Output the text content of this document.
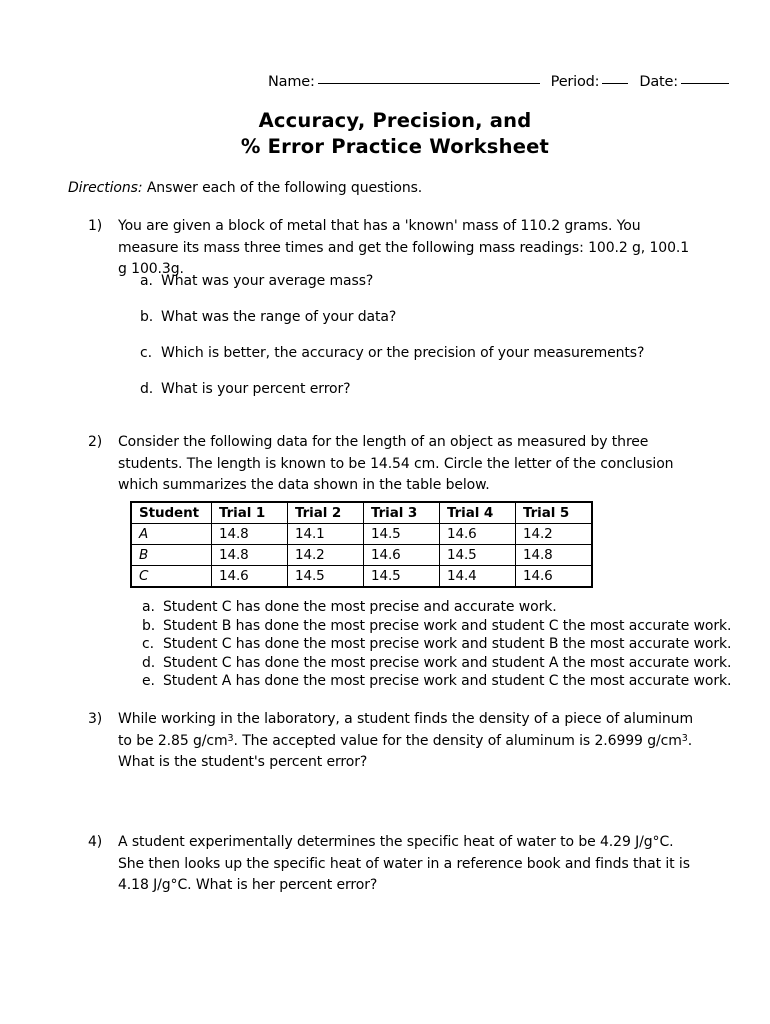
Name:	Period:	Date:
Accuracy, Precision, and
% Error Practice Worksheet
Directions: Answer each of the following questions.
1)	You are given a block of metal that has a 'known' mass of 110.2 grams. You measure its mass three times and get the following mass readings: 100.2 g, 100.1 g 100.3g.
a. What was your average mass?
b. What was the range of your data?
c. Which is better, the accuracy or the precision of your measurements?
d. What is your percent error?
2)	Consider the following data for the length of an object as measured by three students. The length is known to be 14.54 cm. Circle the letter of the conclusion which summarizes the data shown in the table below.
Student	Trial 1	Trial 2	Trial 3	Trial 4	Trial 5
A	14.8	14.1	14.5	14.6	14.2
B	14.8	14.2	14.6	14.5	14.8
C	14.6	14.5	14.5	14.4	14.6
a. Student C has done the most precise and accurate work.
b. Student B has done the most precise work and student C the most accurate work.
c. Student C has done the most precise work and student B the most accurate work.
d. Student C has done the most precise work and student A the most accurate work.
e. Student A has done the most precise work and student C the most accurate work.
3)	While working in the laboratory, a student finds the density of a piece of aluminum to be 2.85 $g/cm^3$. The accepted value for the density of aluminum is 2.6999 $g/cm^3$. What is the student's percent error?
4)	A student experimentally determines the specific heat of water to be 4.29 J/g°C. She then looks up the specific heat of water in a reference book and finds that it is 4.18 J/g°C. What is her percent error?
